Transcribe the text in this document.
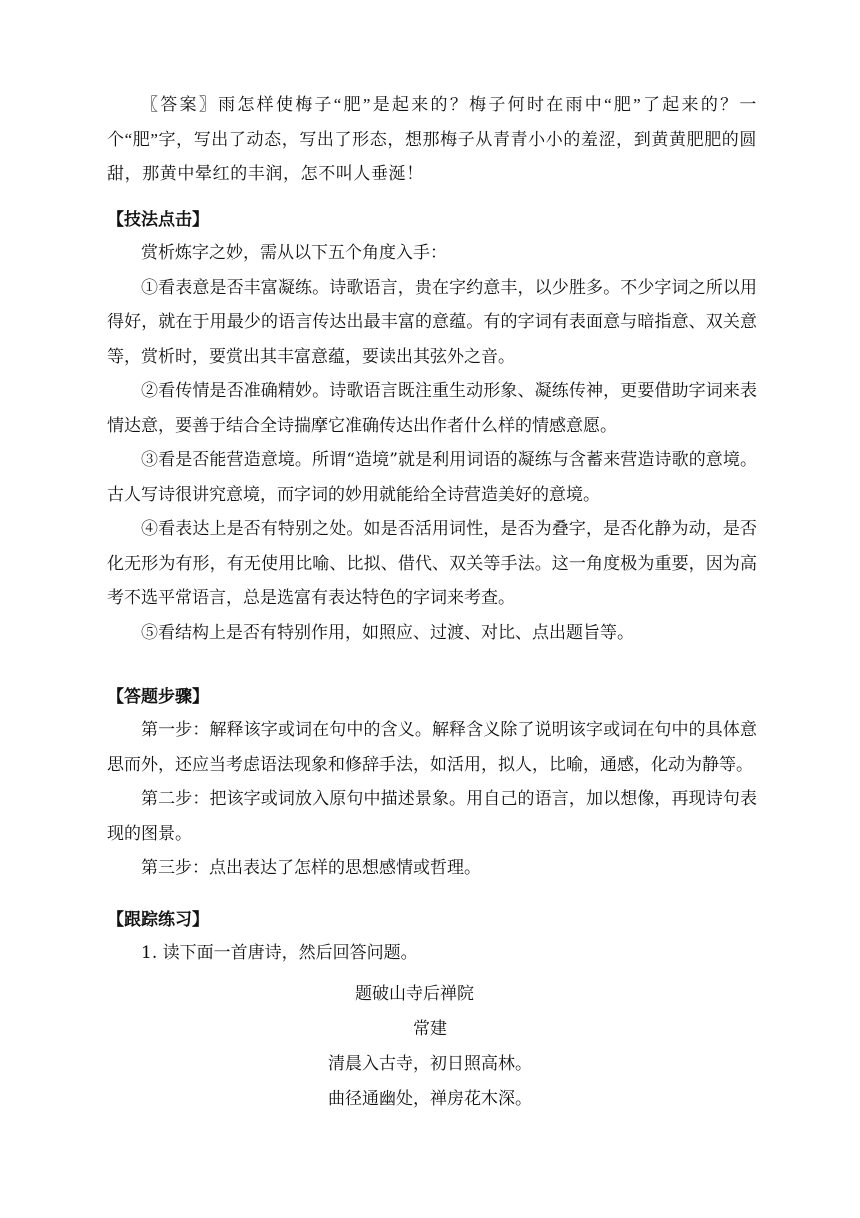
〖答案〗雨怎样使梅子“肥”是起来的？梅子何时在雨中“肥”了起来的？一个“肥”字，写出了动态，写出了形态，想那梅子从青青小小的羞涩，到黄黄肥肥的圆甜，那黄中晕红的丰润，怎不叫人垂涎！

【技法点击】

赏析炼字之妙，需从以下五个角度入手：

①看表意是否丰富凝练。诗歌语言，贵在字约意丰，以少胜多。不少字词之所以用得好，就在于用最少的语言传达出最丰富的意蕴。有的字词有表面意与暗指意、双关意等，赏析时，要赏出其丰富意蕴，要读出其弦外之音。

②看传情是否准确精妙。诗歌语言既注重生动形象、凝练传神，更要借助字词来表情达意，要善于结合全诗揣摩它准确传达出作者什么样的情感意愿。

③看是否能营造意境。所谓“造境”就是利用词语的凝练与含蓄来营造诗歌的意境。古人写诗很讲究意境，而字词的妙用就能给全诗营造美好的意境。

④看表达上是否有特别之处。如是否活用词性，是否为叠字，是否化静为动，是否化无形为有形，有无使用比喻、比拟、借代、双关等手法。这一角度极为重要，因为高考不选平常语言，总是选富有表达特色的字词来考查。

⑤看结构上是否有特别作用，如照应、过渡、对比、点出题旨等。

【答题步骤】

第一步：解释该字或词在句中的含义。解释含义除了说明该字或词在句中的具体意思而外，还应当考虑语法现象和修辞手法，如活用，拟人，比喻，通感，化动为静等。

第二步：把该字或词放入原句中描述景象。用自己的语言，加以想像，再现诗句表现的图景。

第三步：点出表达了怎样的思想感情或哲理。

【跟踪练习】

1. 读下面一首唐诗，然后回答问题。

题破山寺后禅院
常建
清晨入古寺，初日照高林。
曲径通幽处，禅房花木深。
